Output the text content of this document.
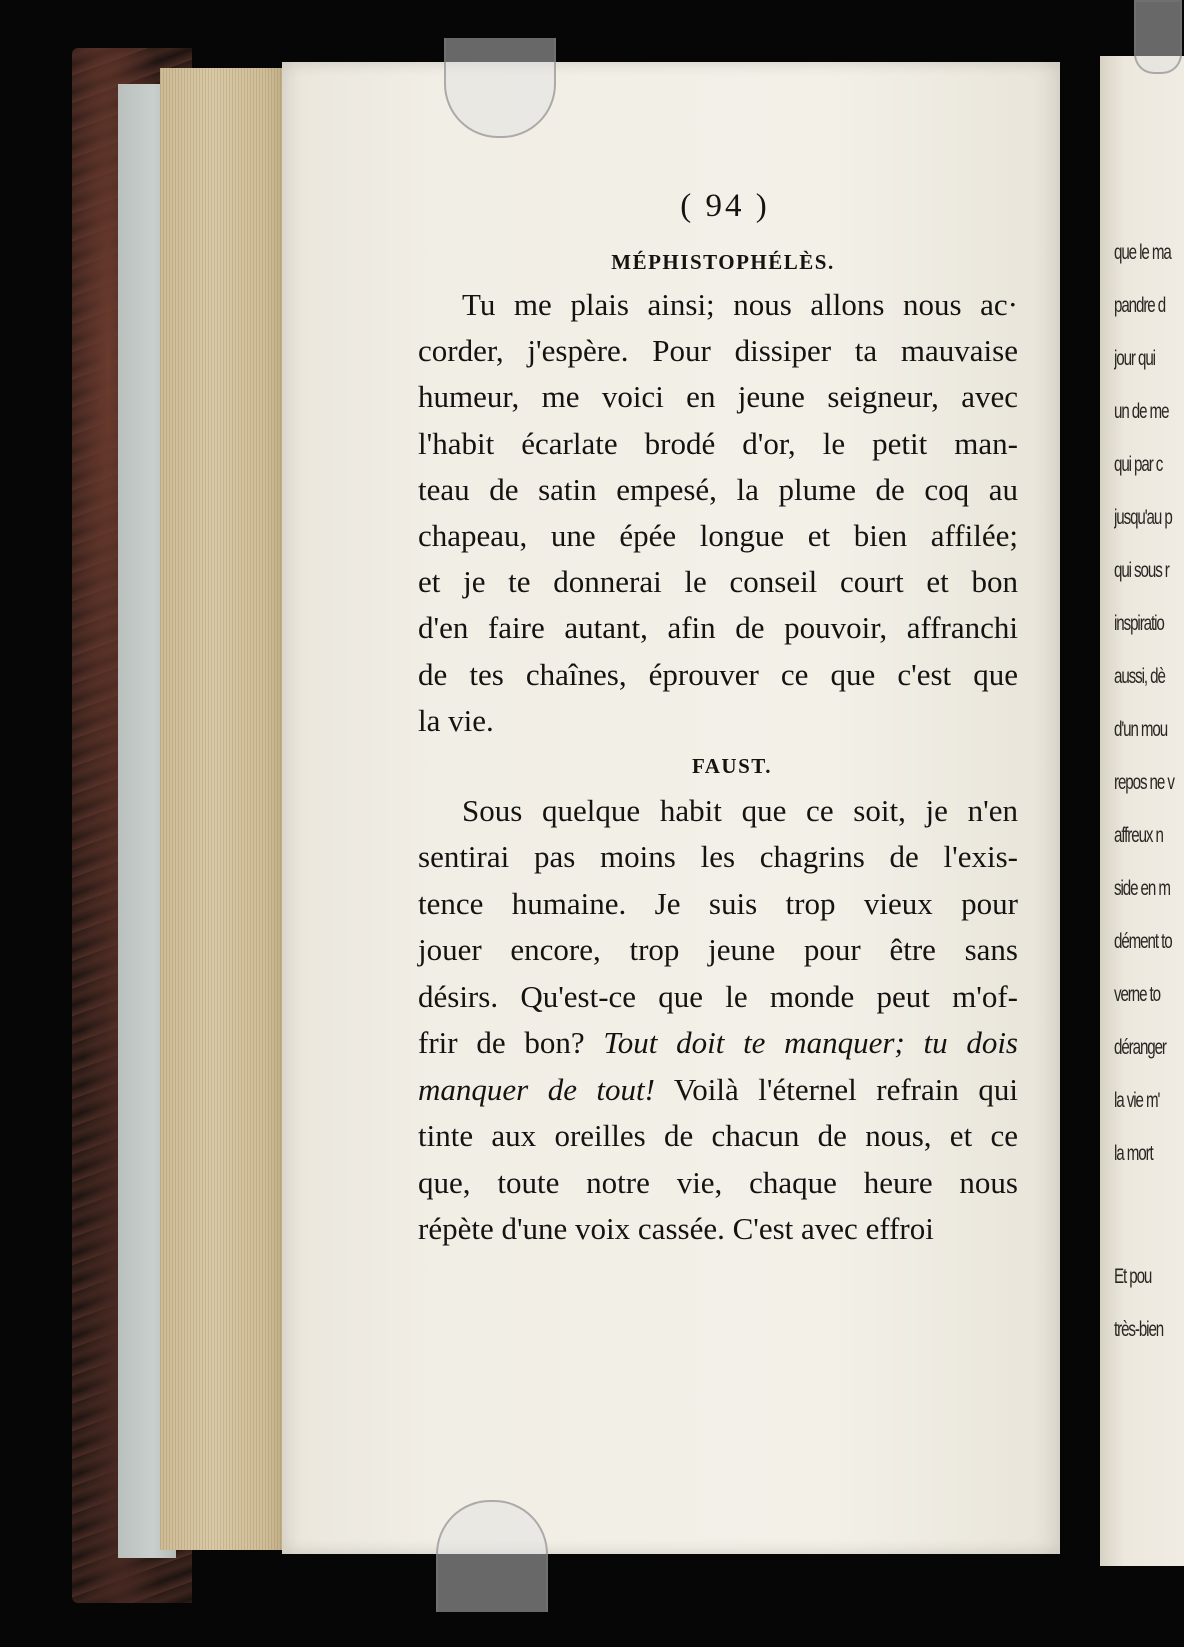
que le ma
pandre d
jour qui
un de me
qui par c
jusqu'au p
qui sous r
inspiratio
aussi, dè
d'un mou
repos ne v
affreux n
side en m
dément to
verne to
déranger
la vie m'
la mort
Et pou
très-bien
( 94 )
MÉPHISTOPHÉLÈS.
Tu me plais ainsi; nous allons nous ac·
corder, j'espère. Pour dissiper ta mauvaise
humeur, me voici en jeune seigneur, avec
l'habit écarlate brodé d'or, le petit man-
teau de satin empesé, la plume de coq au
chapeau, une épée longue et bien affilée;
et je te donnerai le conseil court et bon
d'en faire autant, afin de pouvoir, affranchi
de tes chaînes, éprouver ce que c'est que
la vie.
FAUST.
Sous quelque habit que ce soit, je n'en
sentirai pas moins les chagrins de l'exis-
tence humaine. Je suis trop vieux pour
jouer encore, trop jeune pour être sans
désirs. Qu'est-ce que le monde peut m'of-
frir de bon? Tout doit te manquer; tu dois
manquer de tout! Voilà l'éternel refrain qui
tinte aux oreilles de chacun de nous, et ce
que, toute notre vie, chaque heure nous
répète d'une voix cassée. C'est avec effroi
